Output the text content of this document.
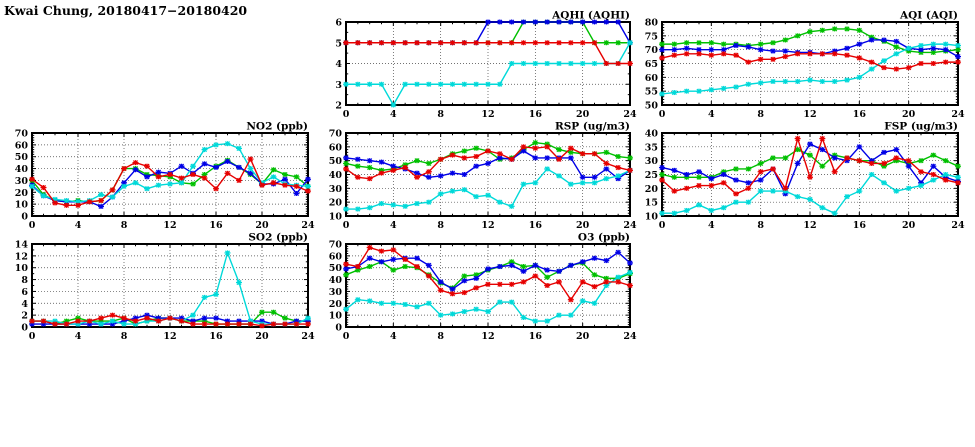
2
3
4
5
6
0	4	8	12	16	20	24
AQHI (AQHI)
50
55
60
65
70
75
80
0	4	8	12	16	20	24
AQI (AQI)
0
10
20
30
40
50
60
70
0	4	8	12	16	20	24
NO2 (ppb)
10
20
30
40
50
60
70
0	4	8	12	16	20	24
RSP (ug/m3)
10
15
20
25
30
35
40
0	4	8	12	16	20	24
FSP (ug/m3)
0
2
4
6
8
10
12
14
0	4	8	12	16	20	24
SO2 (ppb)
0
10
20
30
40
50
60
70
0	4	8	12	16	20	24
O3 (ppb)
Kwai Chung, 20180417−20180420
